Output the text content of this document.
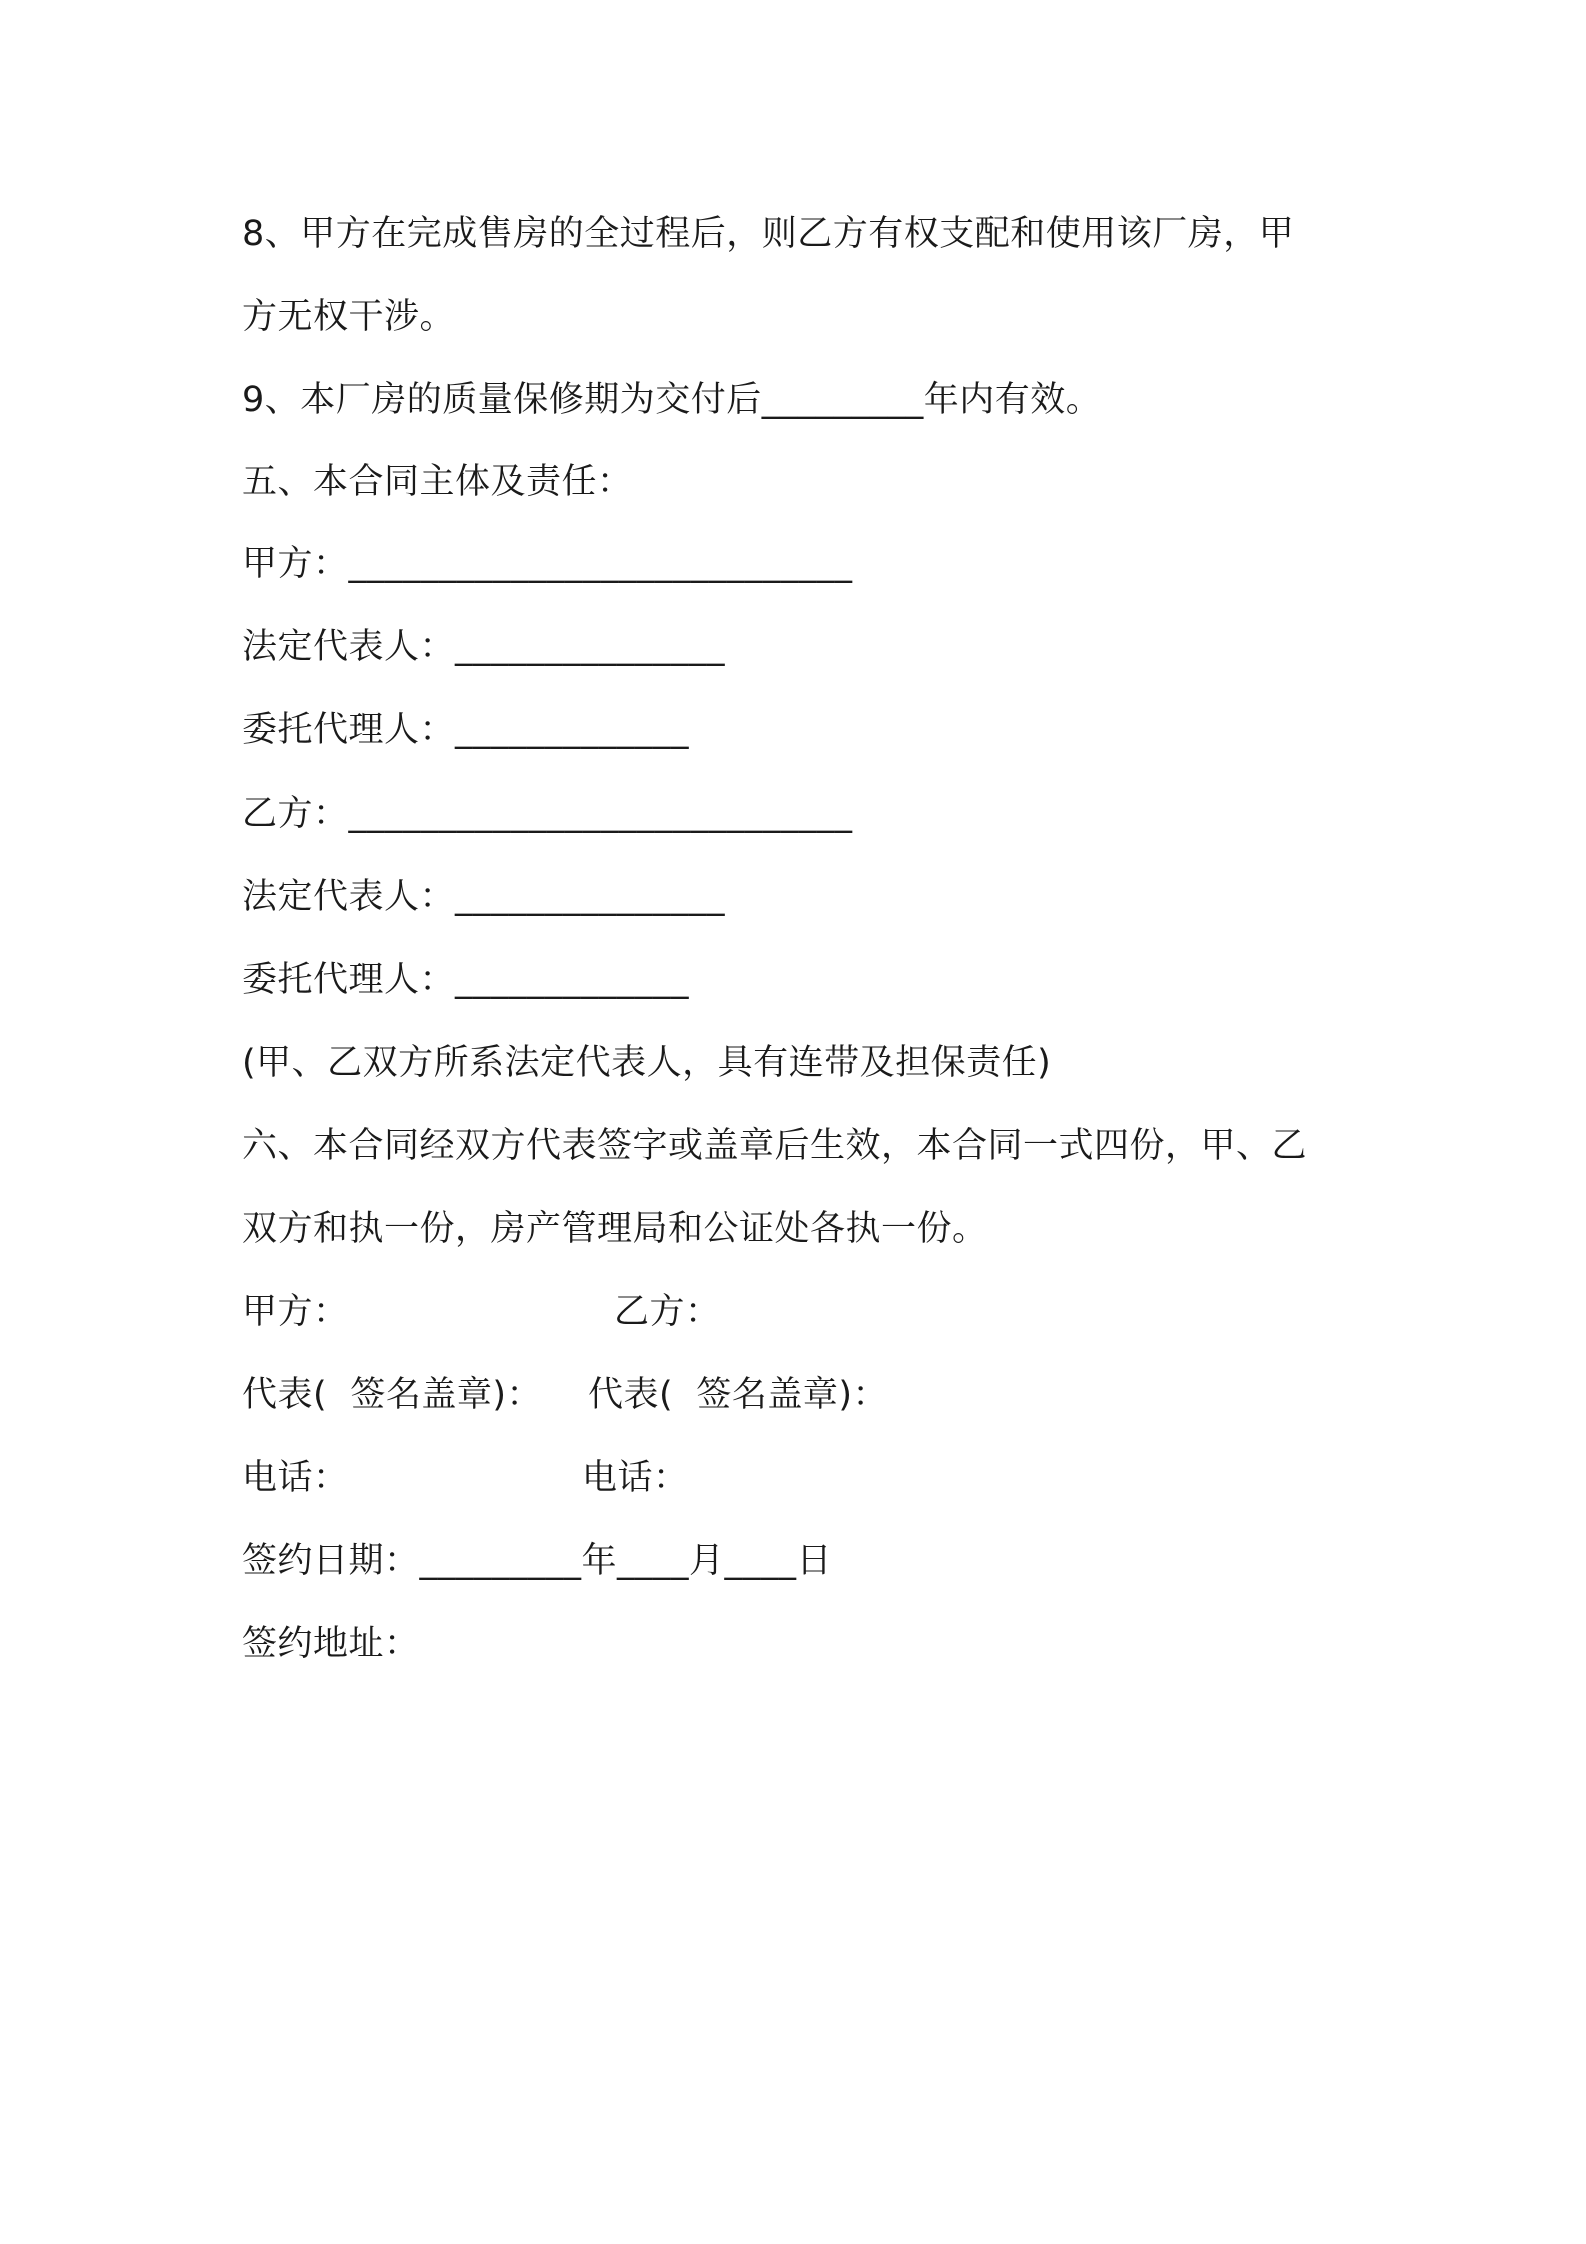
8、甲方在完成售房的全过程后，则乙方有权支配和使用该厂房，甲
方无权干涉。
9、本厂房的质量保修期为交付后_________年内有效。
五、本合同主体及责任：
甲方：____________________________
法定代表人：_______________
委托代理人：_____________
乙方：____________________________
法定代表人：_______________
委托代理人：_____________
(甲、乙双方所系法定代表人，具有连带及担保责任)
六、本合同经双方代表签字或盖章后生效，本合同一式四份，甲、乙
双方和执一份，房产管理局和公证处各执一份。
甲方：	乙方：
代表(  签名盖章)： 代表(  签名盖章)：
电话：	电话：
签约日期：_________年____月____日
签约地址：
